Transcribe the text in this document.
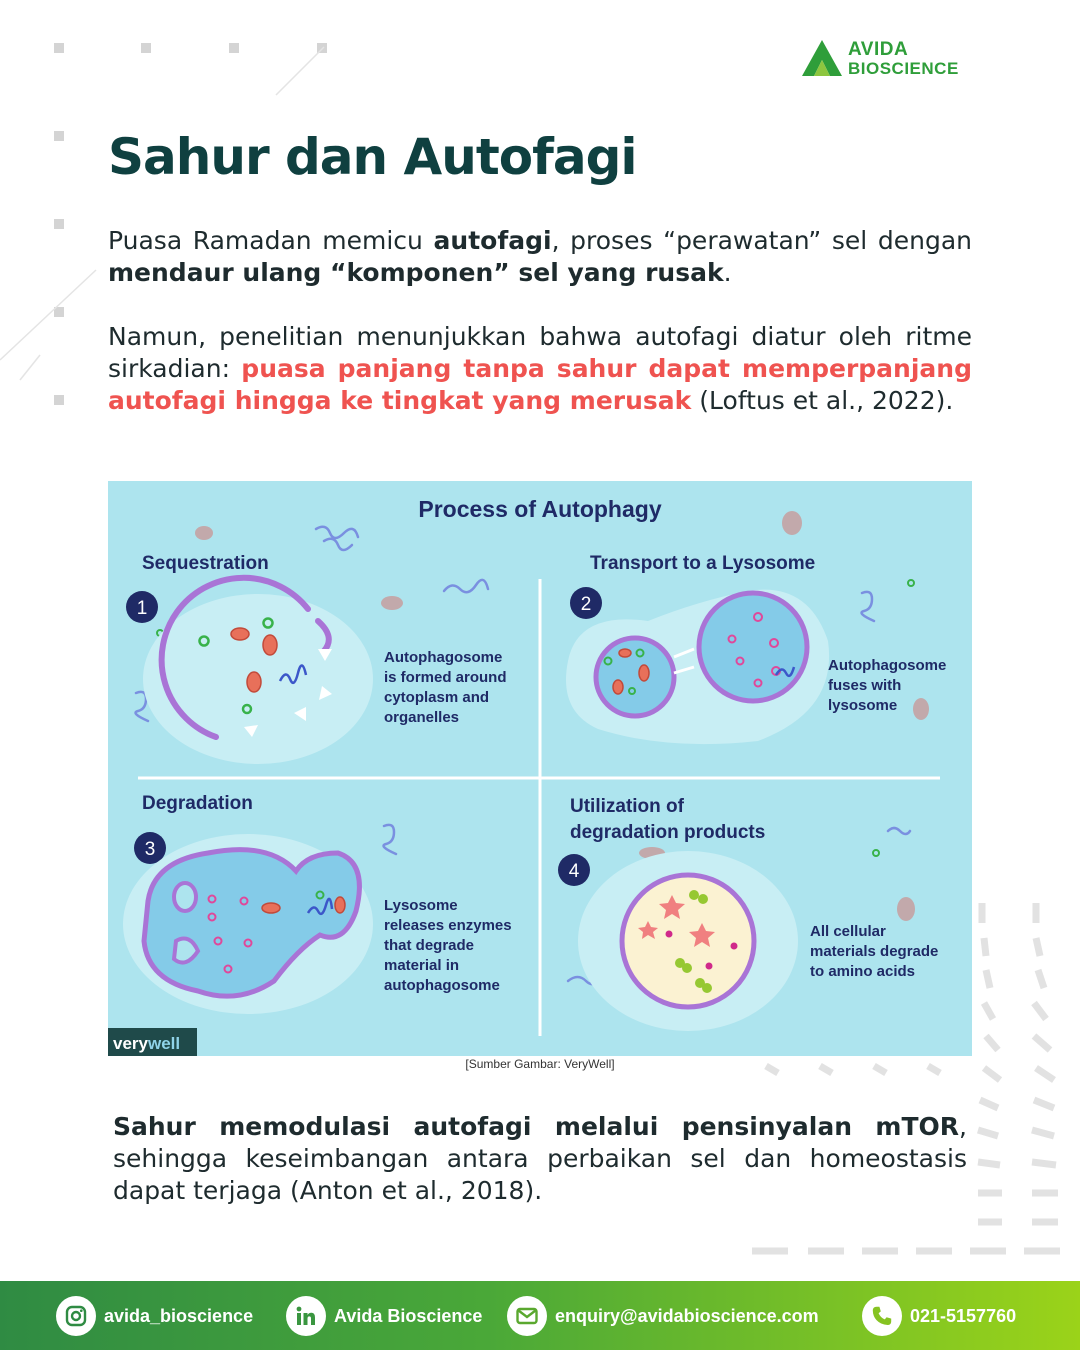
AVIDA
BIOSCIENCE
Sahur dan Autofagi

Puasa Ramadan memicu autofagi, proses “perawatan” sel dengan mendaur ulang “komponen” sel yang rusak.

Namun, penelitian menunjukkan bahwa autofagi diatur oleh ritme sirkadian: puasa panjang tanpa sahur dapat memperpanjang autofagi hingga ke tingkat yang merusak (Loftus et al., 2022).

Process of Autophagy
Sequestration
1
Autophagosome
is formed around
cytoplasm and
organelles
Transport to a Lysosome
2
Autophagosome
fuses with
lysosome
Degradation
3
Lysosome
releases enzymes
that degrade
material in
autophagosome
Utilization of
degradation products
4
All cellular
materials degrade
to amino acids
verywell
[Sumber Gambar: VeryWell]

Sahur memodulasi autofagi melalui pensinyalan mTOR, sehingga keseimbangan antara perbaikan sel dan homeostasis dapat terjaga (Anton et al., 2018).

avida_bioscience	Avida Bioscience	enquiry@avidabioscience.com	021-5157760
